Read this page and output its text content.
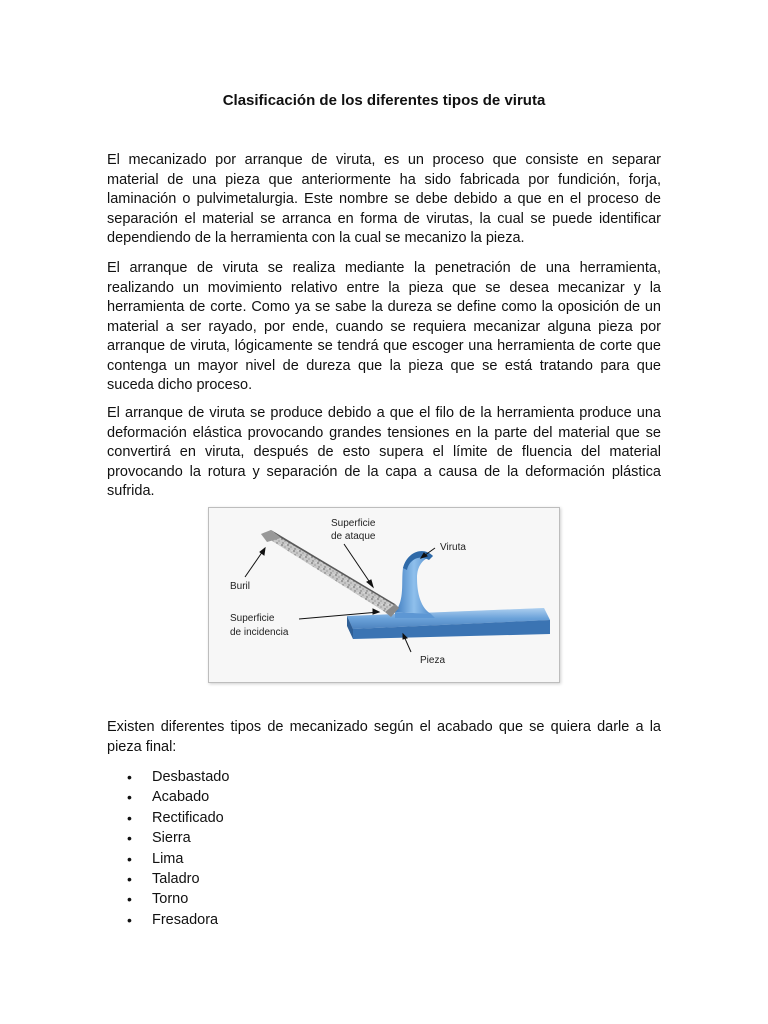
Clasificación de los diferentes tipos de viruta

El mecanizado por arranque de viruta, es un proceso que consiste en separar material de una pieza que anteriormente ha sido fabricada por fundición, forja, laminación o pulvimetalurgia. Este nombre se debe debido a que en el proceso de separación el material se arranca en forma de virutas, la cual se puede identificar dependiendo de la herramienta con la cual se mecanizo la pieza.

El arranque de viruta se realiza mediante la penetración de una herramienta, realizando un movimiento relativo entre la pieza que se desea mecanizar y la herramienta de corte. Como ya se sabe la dureza se define como la oposición de un material a ser rayado, por ende, cuando se requiera mecanizar alguna pieza por arranque de viruta, lógicamente se tendrá que escoger una herramienta de corte que contenga un mayor nivel de dureza que la pieza que se está tratando para que suceda dicho proceso.

El arranque de viruta se produce debido a que el filo de la herramienta produce una deformación elástica provocando grandes tensiones en la parte del material que se convertirá en viruta, después de esto supera el límite de fluencia del material provocando la rotura y separación de la capa a causa de la deformación plástica sufrida.

Superficie
de ataque
Viruta
Buril
Superficie
de incidencia
Pieza

Existen diferentes tipos de mecanizado según el acabado que se quiera darle a la pieza final:

• Desbastado
• Acabado
• Rectificado
• Sierra
• Lima
• Taladro
• Torno
• Fresadora
